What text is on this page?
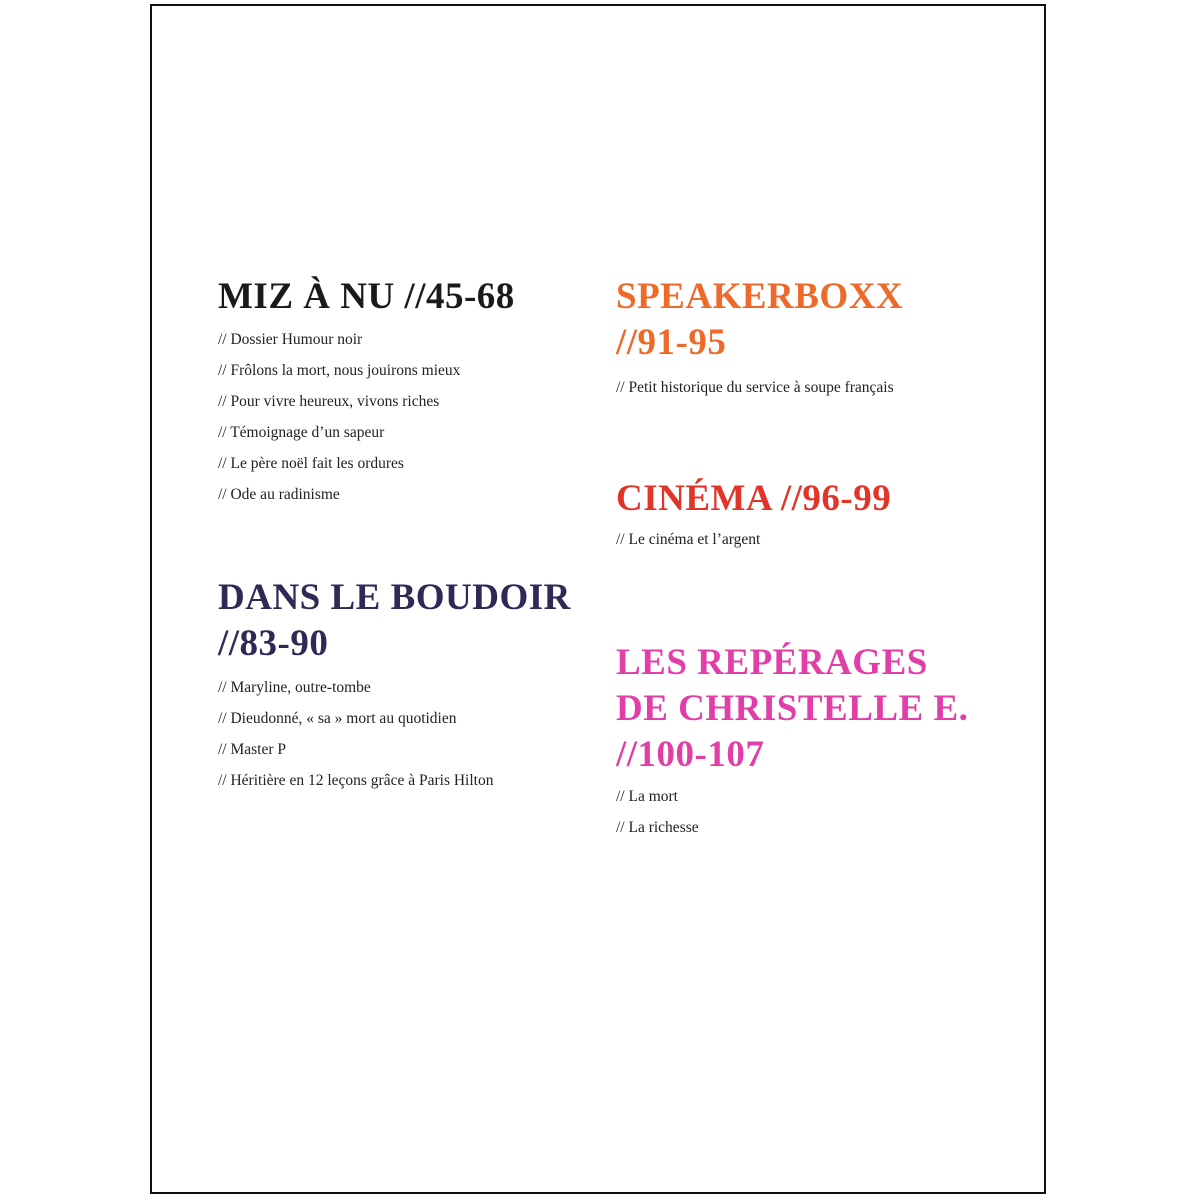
MIZ À NU //45-68
// Dossier Humour noir
// Frôlons la mort, nous jouirons mieux
// Pour vivre heureux, vivons riches
// Témoignage d’un sapeur
// Le père noël fait les ordures
// Ode au radinisme
DANS LE BOUDOIR
//83-90
// Maryline, outre-tombe
// Dieudonné, « sa » mort au quotidien
// Master P
// Héritière en 12 leçons grâce à Paris Hilton
SPEAKERBOXX
//91-95
// Petit historique du service à soupe français
CINÉMA //96-99
// Le cinéma et l’argent
LES REPÉRAGES
DE CHRISTELLE E.
//100-107
// La mort
// La richesse
